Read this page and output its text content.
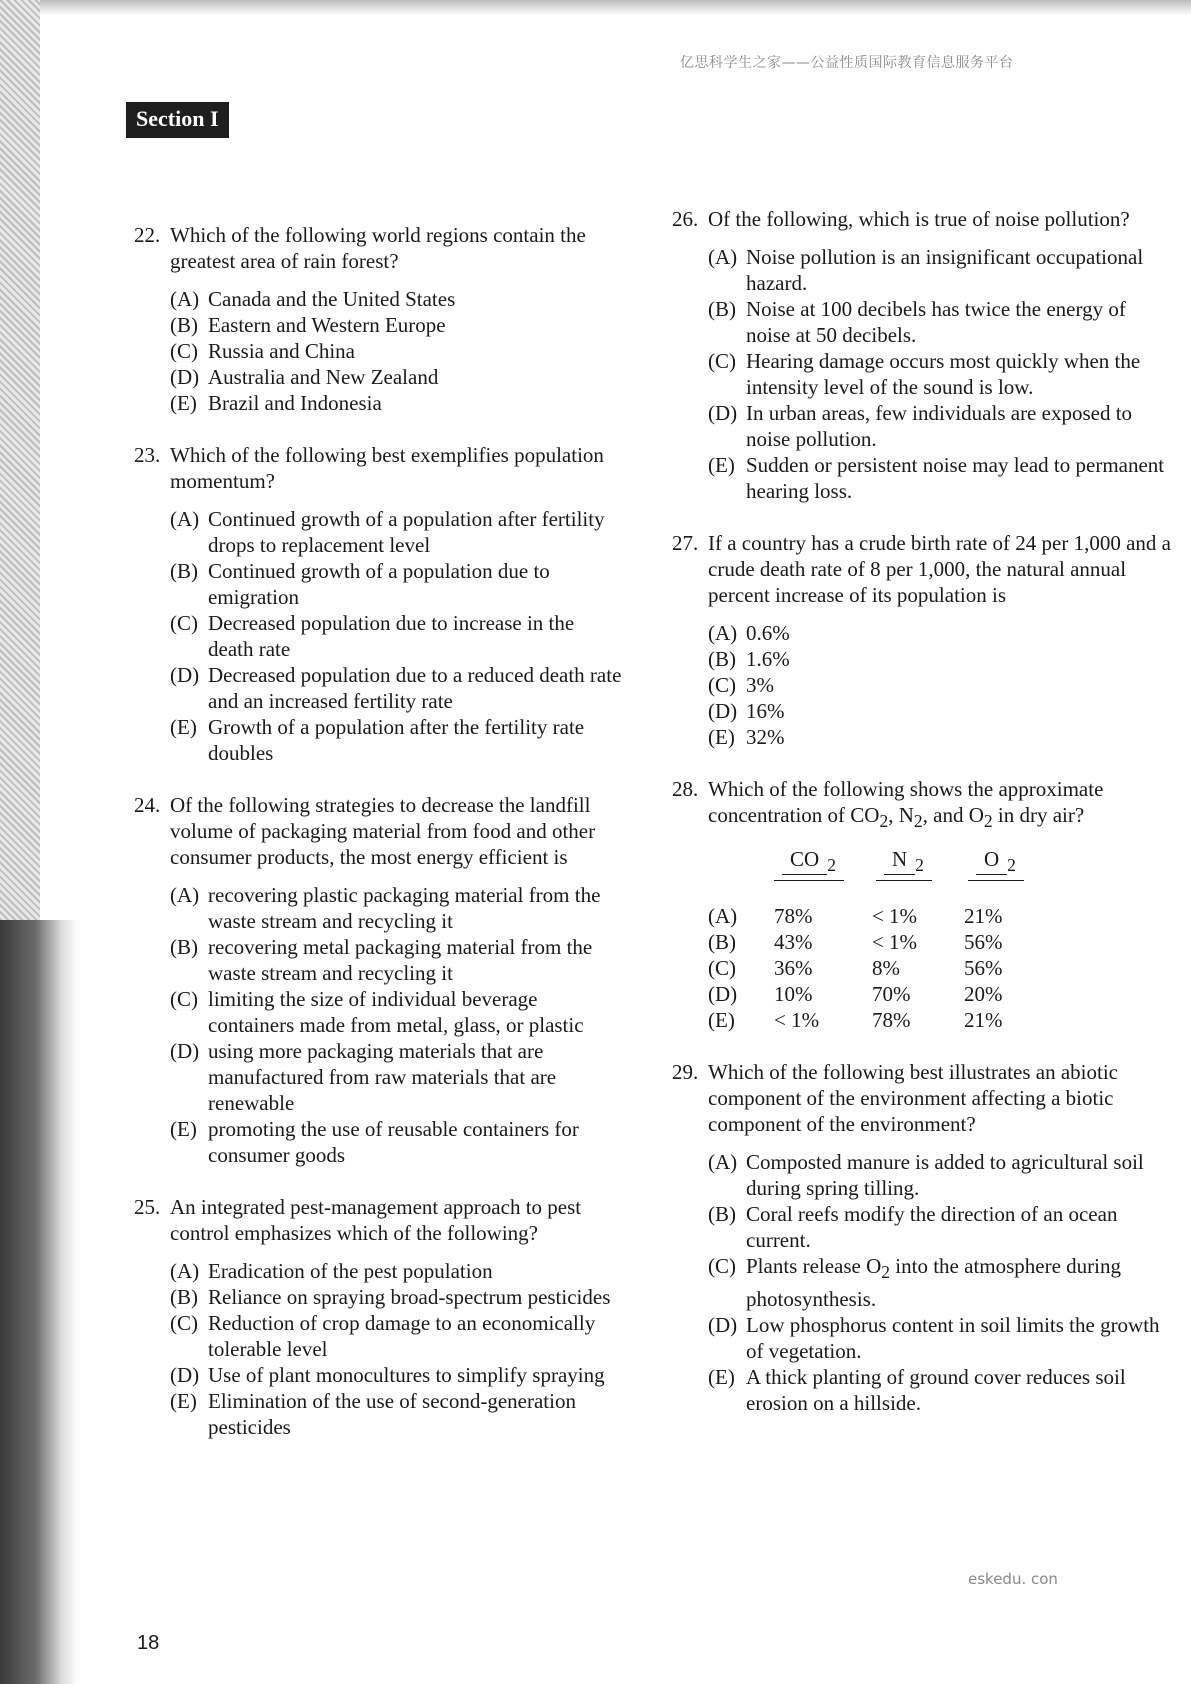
亿思科学生之家——公益性质国际教育信息服务平台
Section I
22. Which of the following world regions contain the greatest area of rain forest?
(A) Canada and the United States
(B) Eastern and Western Europe
(C) Russia and China
(D) Australia and New Zealand
(E) Brazil and Indonesia
23. Which of the following best exemplifies population momentum?
(A) Continued growth of a population after fertility drops to replacement level
(B) Continued growth of a population due to emigration
(C) Decreased population due to increase in the death rate
(D) Decreased population due to a reduced death rate and an increased fertility rate
(E) Growth of a population after the fertility rate doubles
24. Of the following strategies to decrease the landfill volume of packaging material from food and other consumer products, the most energy efficient is
(A) recovering plastic packaging material from the waste stream and recycling it
(B) recovering metal packaging material from the waste stream and recycling it
(C) limiting the size of individual beverage containers made from metal, glass, or plastic
(D) using more packaging materials that are manufactured from raw materials that are renewable
(E) promoting the use of reusable containers for consumer goods
25. An integrated pest-management approach to pest control emphasizes which of the following?
(A) Eradication of the pest population
(B) Reliance on spraying broad-spectrum pesticides
(C) Reduction of crop damage to an economically tolerable level
(D) Use of plant monocultures to simplify spraying
(E) Elimination of the use of second-generation pesticides
26. Of the following, which is true of noise pollution?
(A) Noise pollution is an insignificant occupational hazard.
(B) Noise at 100 decibels has twice the energy of noise at 50 decibels.
(C) Hearing damage occurs most quickly when the intensity level of the sound is low.
(D) In urban areas, few individuals are exposed to noise pollution.
(E) Sudden or persistent noise may lead to permanent hearing loss.
27. If a country has a crude birth rate of 24 per 1,000 and a crude death rate of 8 per 1,000, the natural annual percent increase of its population is
(A) 0.6%
(B) 1.6%
(C) 3%
(D) 16%
(E) 32%
28. Which of the following shows the approximate concentration of $CO_2$, $N_2$, and $O_2$ in dry air?
	CO $_2$	N $_2$	O $_2$
(A)	78%	< 1%	21%
(B)	43%	< 1%	56%
(C)	36%	8%	56%
(D)	10%	70%	20%
(E)	< 1%	78%	21%
29. Which of the following best illustrates an abiotic component of the environment affecting a biotic component of the environment?
(A) Composted manure is added to agricultural soil during spring tilling.
(B) Coral reefs modify the direction of an ocean current.
(C) Plants release $O_2$ into the atmosphere during photosynthesis.
(D) Low phosphorus content in soil limits the growth of vegetation.
(E) A thick planting of ground cover reduces soil erosion on a hillside.
eskedu. con
18
